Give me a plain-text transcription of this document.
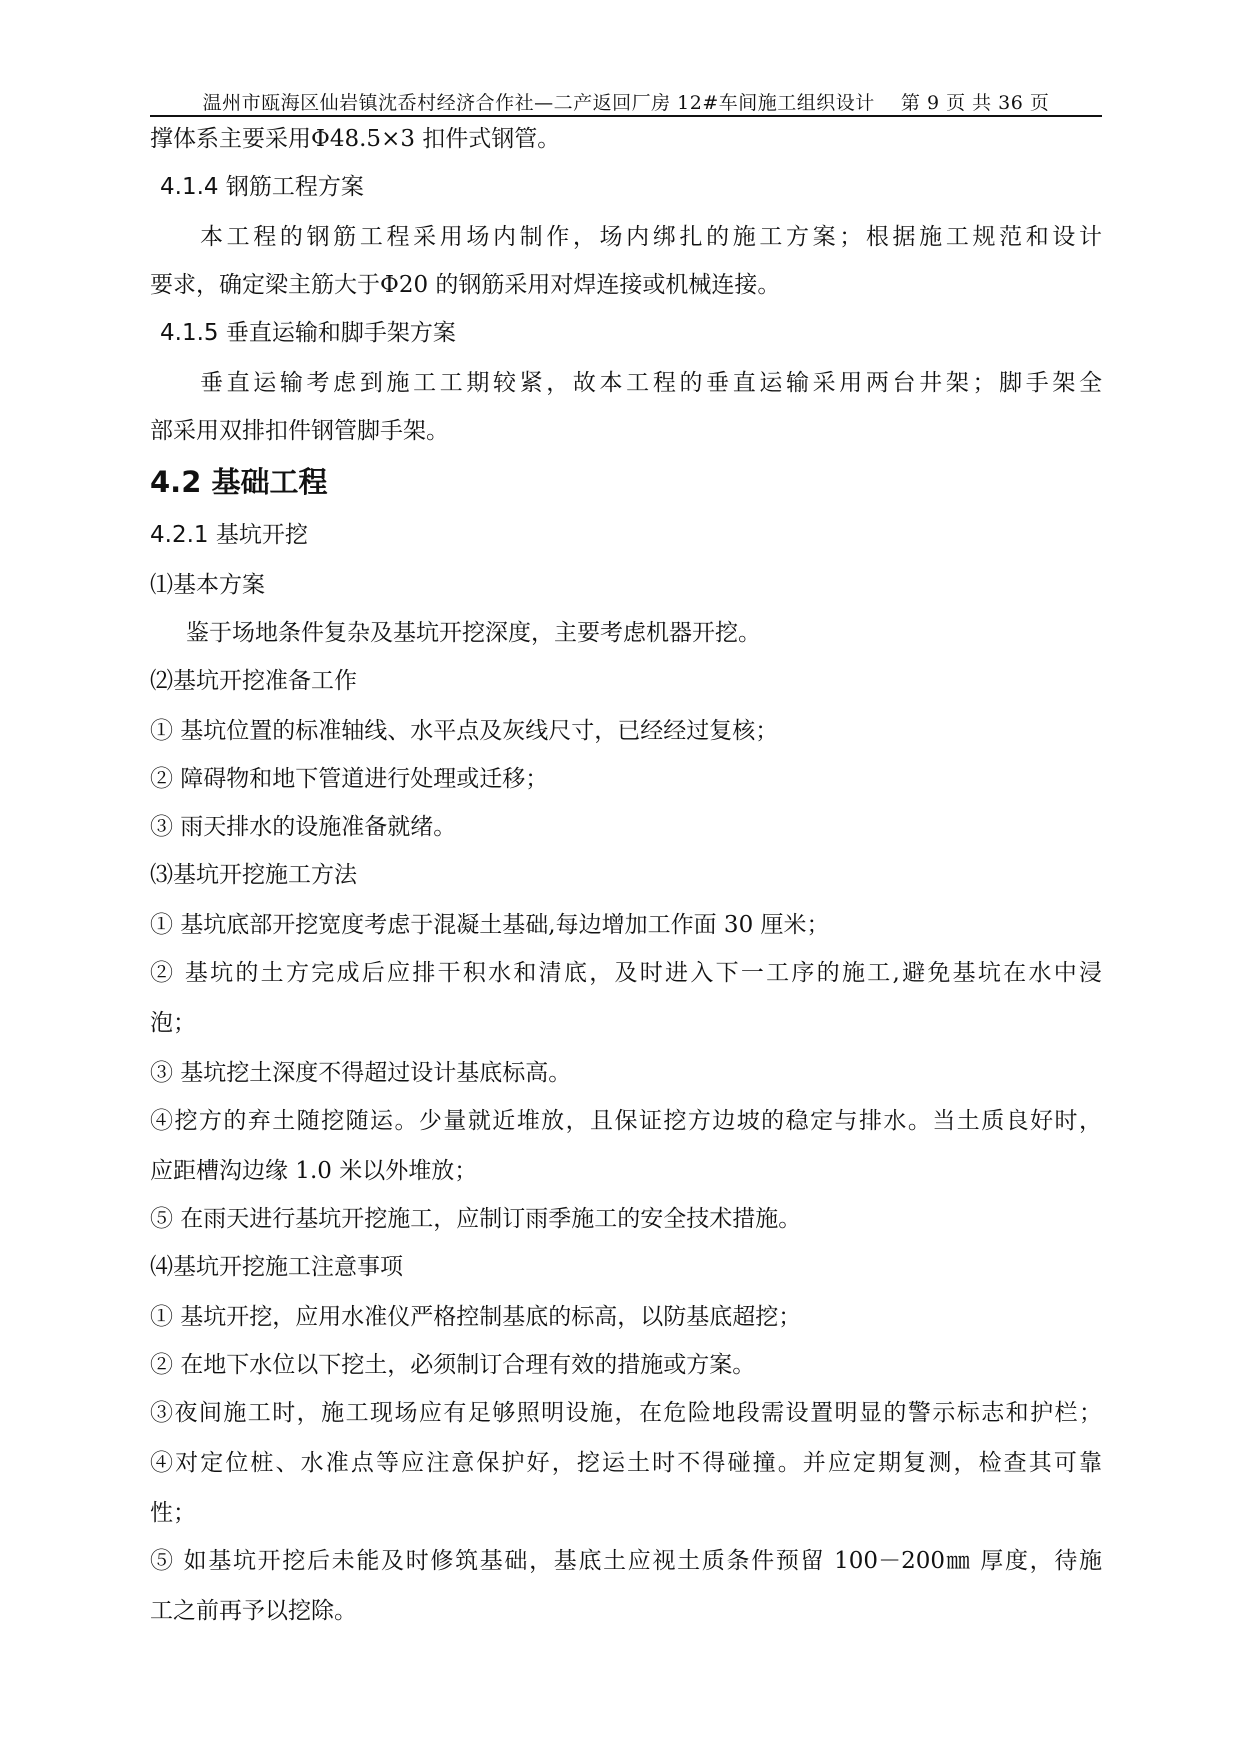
温州市瓯海区仙岩镇沈岙村经济合作社—二产返回厂房 12#车间施工组织设计 第 9 页 共 36 页
撑体系主要采用Φ48.5×3 扣件式钢管。
4.1.4 钢筋工程方案
本工程的钢筋工程采用场内制作，场内绑扎的施工方案；根据施工规范和设计
要求，确定梁主筋大于Φ20 的钢筋采用对焊连接或机械连接。
4.1.5 垂直运输和脚手架方案
垂直运输考虑到施工工期较紧，故本工程的垂直运输采用两台井架；脚手架全
部采用双排扣件钢管脚手架。
4.2 基础工程
4.2.1 基坑开挖
⑴基本方案
鉴于场地条件复杂及基坑开挖深度，主要考虑机器开挖。
⑵基坑开挖准备工作
① 基坑位置的标准轴线、水平点及灰线尺寸，已经经过复核；
② 障碍物和地下管道进行处理或迁移；
③ 雨天排水的设施准备就绪。
⑶基坑开挖施工方法
① 基坑底部开挖宽度考虑于混凝土基础,每边增加工作面 30 厘米；
② 基坑的土方完成后应排干积水和清底，及时进入下一工序的施工,避免基坑在水中浸
泡；
③ 基坑挖土深度不得超过设计基底标高。
④挖方的弃土随挖随运。少量就近堆放，且保证挖方边坡的稳定与排水。当土质良好时，
应距槽沟边缘 1.0 米以外堆放；
⑤ 在雨天进行基坑开挖施工，应制订雨季施工的安全技术措施。
⑷基坑开挖施工注意事项
① 基坑开挖，应用水准仪严格控制基底的标高，以防基底超挖；
② 在地下水位以下挖土，必须制订合理有效的措施或方案。
③夜间施工时，施工现场应有足够照明设施，在危险地段需设置明显的警示标志和护栏；
④对定位桩、水准点等应注意保护好，挖运土时不得碰撞。并应定期复测，检查其可靠
性；
⑤ 如基坑开挖后未能及时修筑基础，基底土应视土质条件预留 100－200㎜ 厚度，待施
工之前再予以挖除。
